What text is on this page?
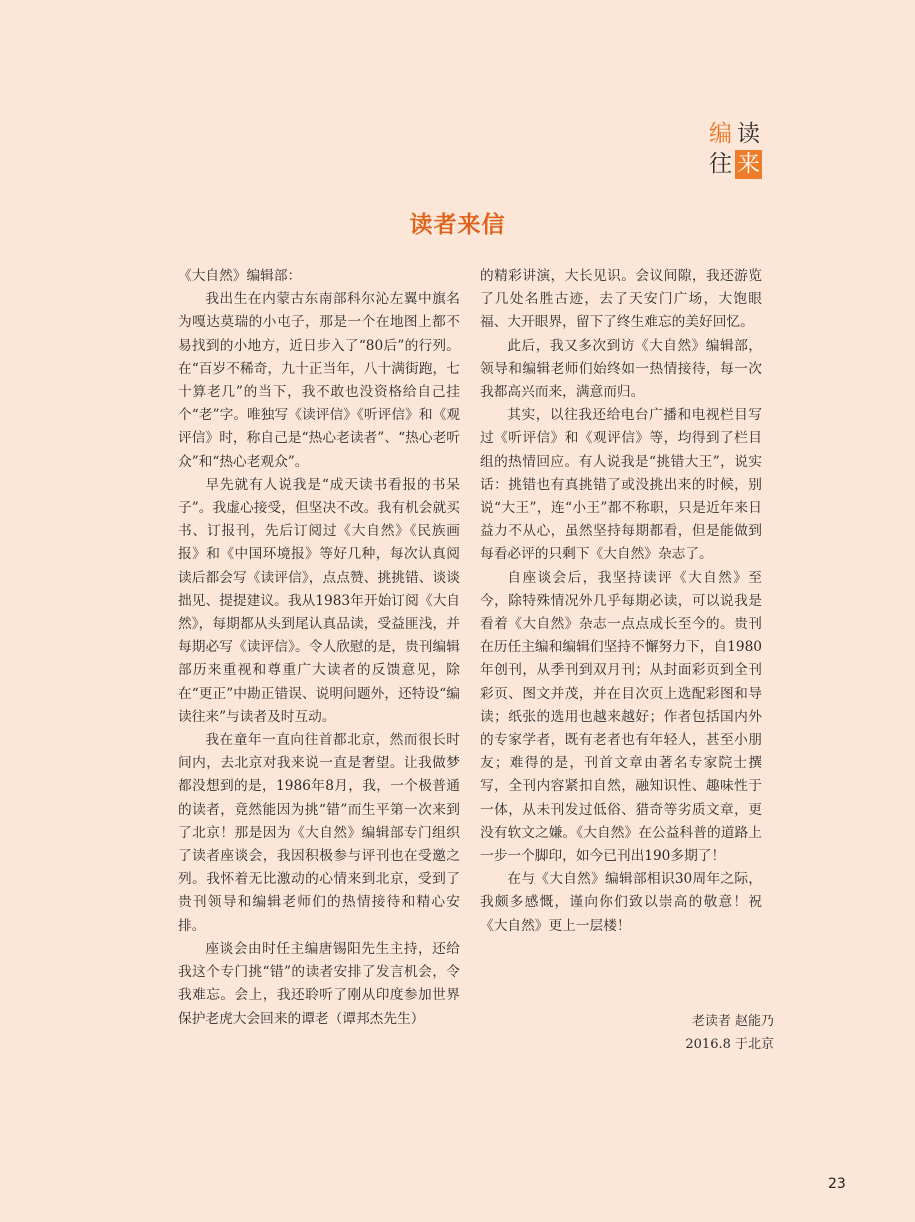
编 读
往 来
读者来信

《大自然》编辑部：

我出生在内蒙古东南部科尔沁左翼中旗名为嘎达莫瑞的小屯子，那是一个在地图上都不易找到的小地方，近日步入了“80后”的行列。在“百岁不稀奇，九十正当年，八十满街跑，七十算老几”的当下，我不敢也没资格给自己挂个“老”字。唯独写《读评信》《听评信》和《观评信》时，称自己是“热心老读者”、“热心老听众”和“热心老观众”。

早先就有人说我是“成天读书看报的书呆子”。我虚心接受，但坚决不改。我有机会就买书、订报刊，先后订阅过《大自然》《民族画报》和《中国环境报》等好几种，每次认真阅读后都会写《读评信》，点点赞、挑挑错、谈谈拙见、提提建议。我从1983年开始订阅《大自然》，每期都从头到尾认真品读，受益匪浅，并每期必写《读评信》。令人欣慰的是，贵刊编辑部历来重视和尊重广大读者的反馈意见，除在“更正”中勘正错误、说明问题外，还特设“编读往来”与读者及时互动。

我在童年一直向往首都北京，然而很长时间内，去北京对我来说一直是奢望。让我做梦都没想到的是，1986年8月，我，一个极普通的读者，竟然能因为挑“错”而生平第一次来到了北京！那是因为《大自然》编辑部专门组织了读者座谈会，我因积极参与评刊也在受邀之列。我怀着无比激动的心情来到北京，受到了贵刊领导和编辑老师们的热情接待和精心安排。

座谈会由时任主编唐锡阳先生主持，还给我这个专门挑“错”的读者安排了发言机会，令我难忘。会上，我还聆听了刚从印度参加世界保护老虎大会回来的谭老（谭邦杰先生）

的精彩讲演，大长见识。会议间隙，我还游览了几处名胜古迹，去了天安门广场，大饱眼福、大开眼界，留下了终生难忘的美好回忆。

此后，我又多次到访《大自然》编辑部，领导和编辑老师们始终如一热情接待，每一次我都高兴而来，满意而归。

其实，以往我还给电台广播和电视栏目写过《听评信》和《观评信》等，均得到了栏目组的热情回应。有人说我是“挑错大王”，说实话：挑错也有真挑错了或没挑出来的时候，别说“大王”，连“小王”都不称职，只是近年来日益力不从心，虽然坚持每期都看，但是能做到每看必评的只剩下《大自然》杂志了。

自座谈会后，我坚持读评《大自然》至今，除特殊情况外几乎每期必读，可以说我是看着《大自然》杂志一点点成长至今的。贵刊在历任主编和编辑们坚持不懈努力下，自1980年创刊，从季刊到双月刊；从封面彩页到全刊彩页、图文并茂，并在目次页上选配彩图和导读；纸张的选用也越来越好；作者包括国内外的专家学者，既有老者也有年轻人，甚至小朋友；难得的是，刊首文章由著名专家院士撰写，全刊内容紧扣自然，融知识性、趣味性于一体，从未刊发过低俗、猎奇等劣质文章，更没有软文之嫌。《大自然》在公益科普的道路上一步一个脚印，如今已刊出190多期了！

在与《大自然》编辑部相识30周年之际，我颇多感慨，谨向你们致以崇高的敬意！祝《大自然》更上一层楼！

老读者 赵能乃
2016.8 于北京
23
